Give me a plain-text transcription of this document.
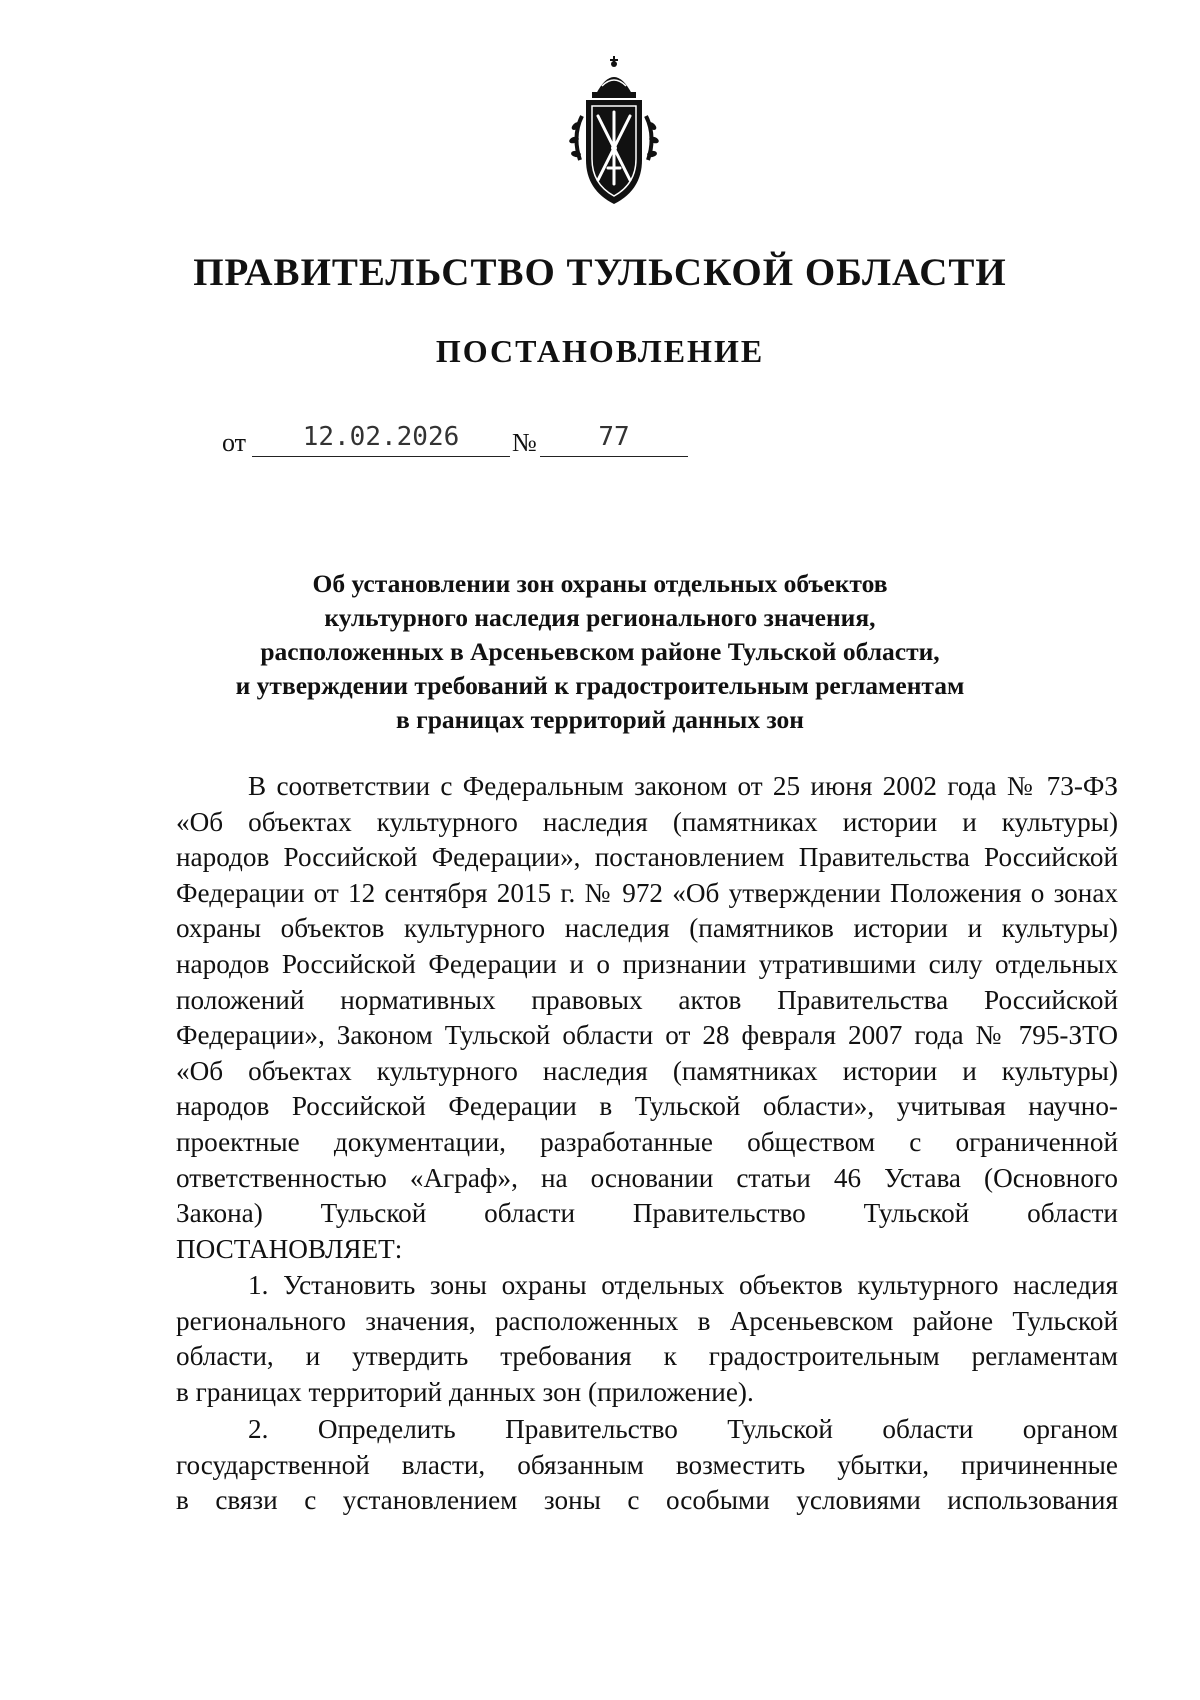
ПРАВИТЕЛЬСТВО ТУЛЬСКОЙ ОБЛАСТИ
ПОСТАНОВЛЕНИЕ
от	12.02.2026	№	77
Об установлении зон охраны отдельных объектов
культурного наследия регионального значения,
расположенных в Арсеньевском районе Тульской области,
и утверждении требований к градостроительным регламентам
в границах территорий данных зон
В соответствии с Федеральным законом от 25 июня 2002 года № 73-ФЗ
«Об объектах культурного наследия (памятниках истории и культуры)
народов Российской Федерации», постановлением Правительства Российской
Федерации от 12 сентября 2015 г. № 972 «Об утверждении Положения о зонах
охраны объектов культурного наследия (памятников истории и культуры)
народов Российской Федерации и о признании утратившими силу отдельных
положений нормативных правовых актов Правительства Российской
Федерации», Законом Тульской области от 28 февраля 2007 года № 795-ЗТО
«Об объектах культурного наследия (памятниках истории и культуры)
народов Российской Федерации в Тульской области», учитывая научно-
проектные документации, разработанные обществом с ограниченной
ответственностью «Аграф», на основании статьи 46 Устава (Основного
Закона) Тульской области Правительство Тульской области
ПОСТАНОВЛЯЕТ:
1. Установить зоны охраны отдельных объектов культурного наследия
регионального значения, расположенных в Арсеньевском районе Тульской
области, и утвердить требования к градостроительным регламентам
в границах территорий данных зон (приложение).
2. Определить Правительство Тульской области органом
государственной власти, обязанным возместить убытки, причиненные
в связи с установлением зоны с особыми условиями использования
